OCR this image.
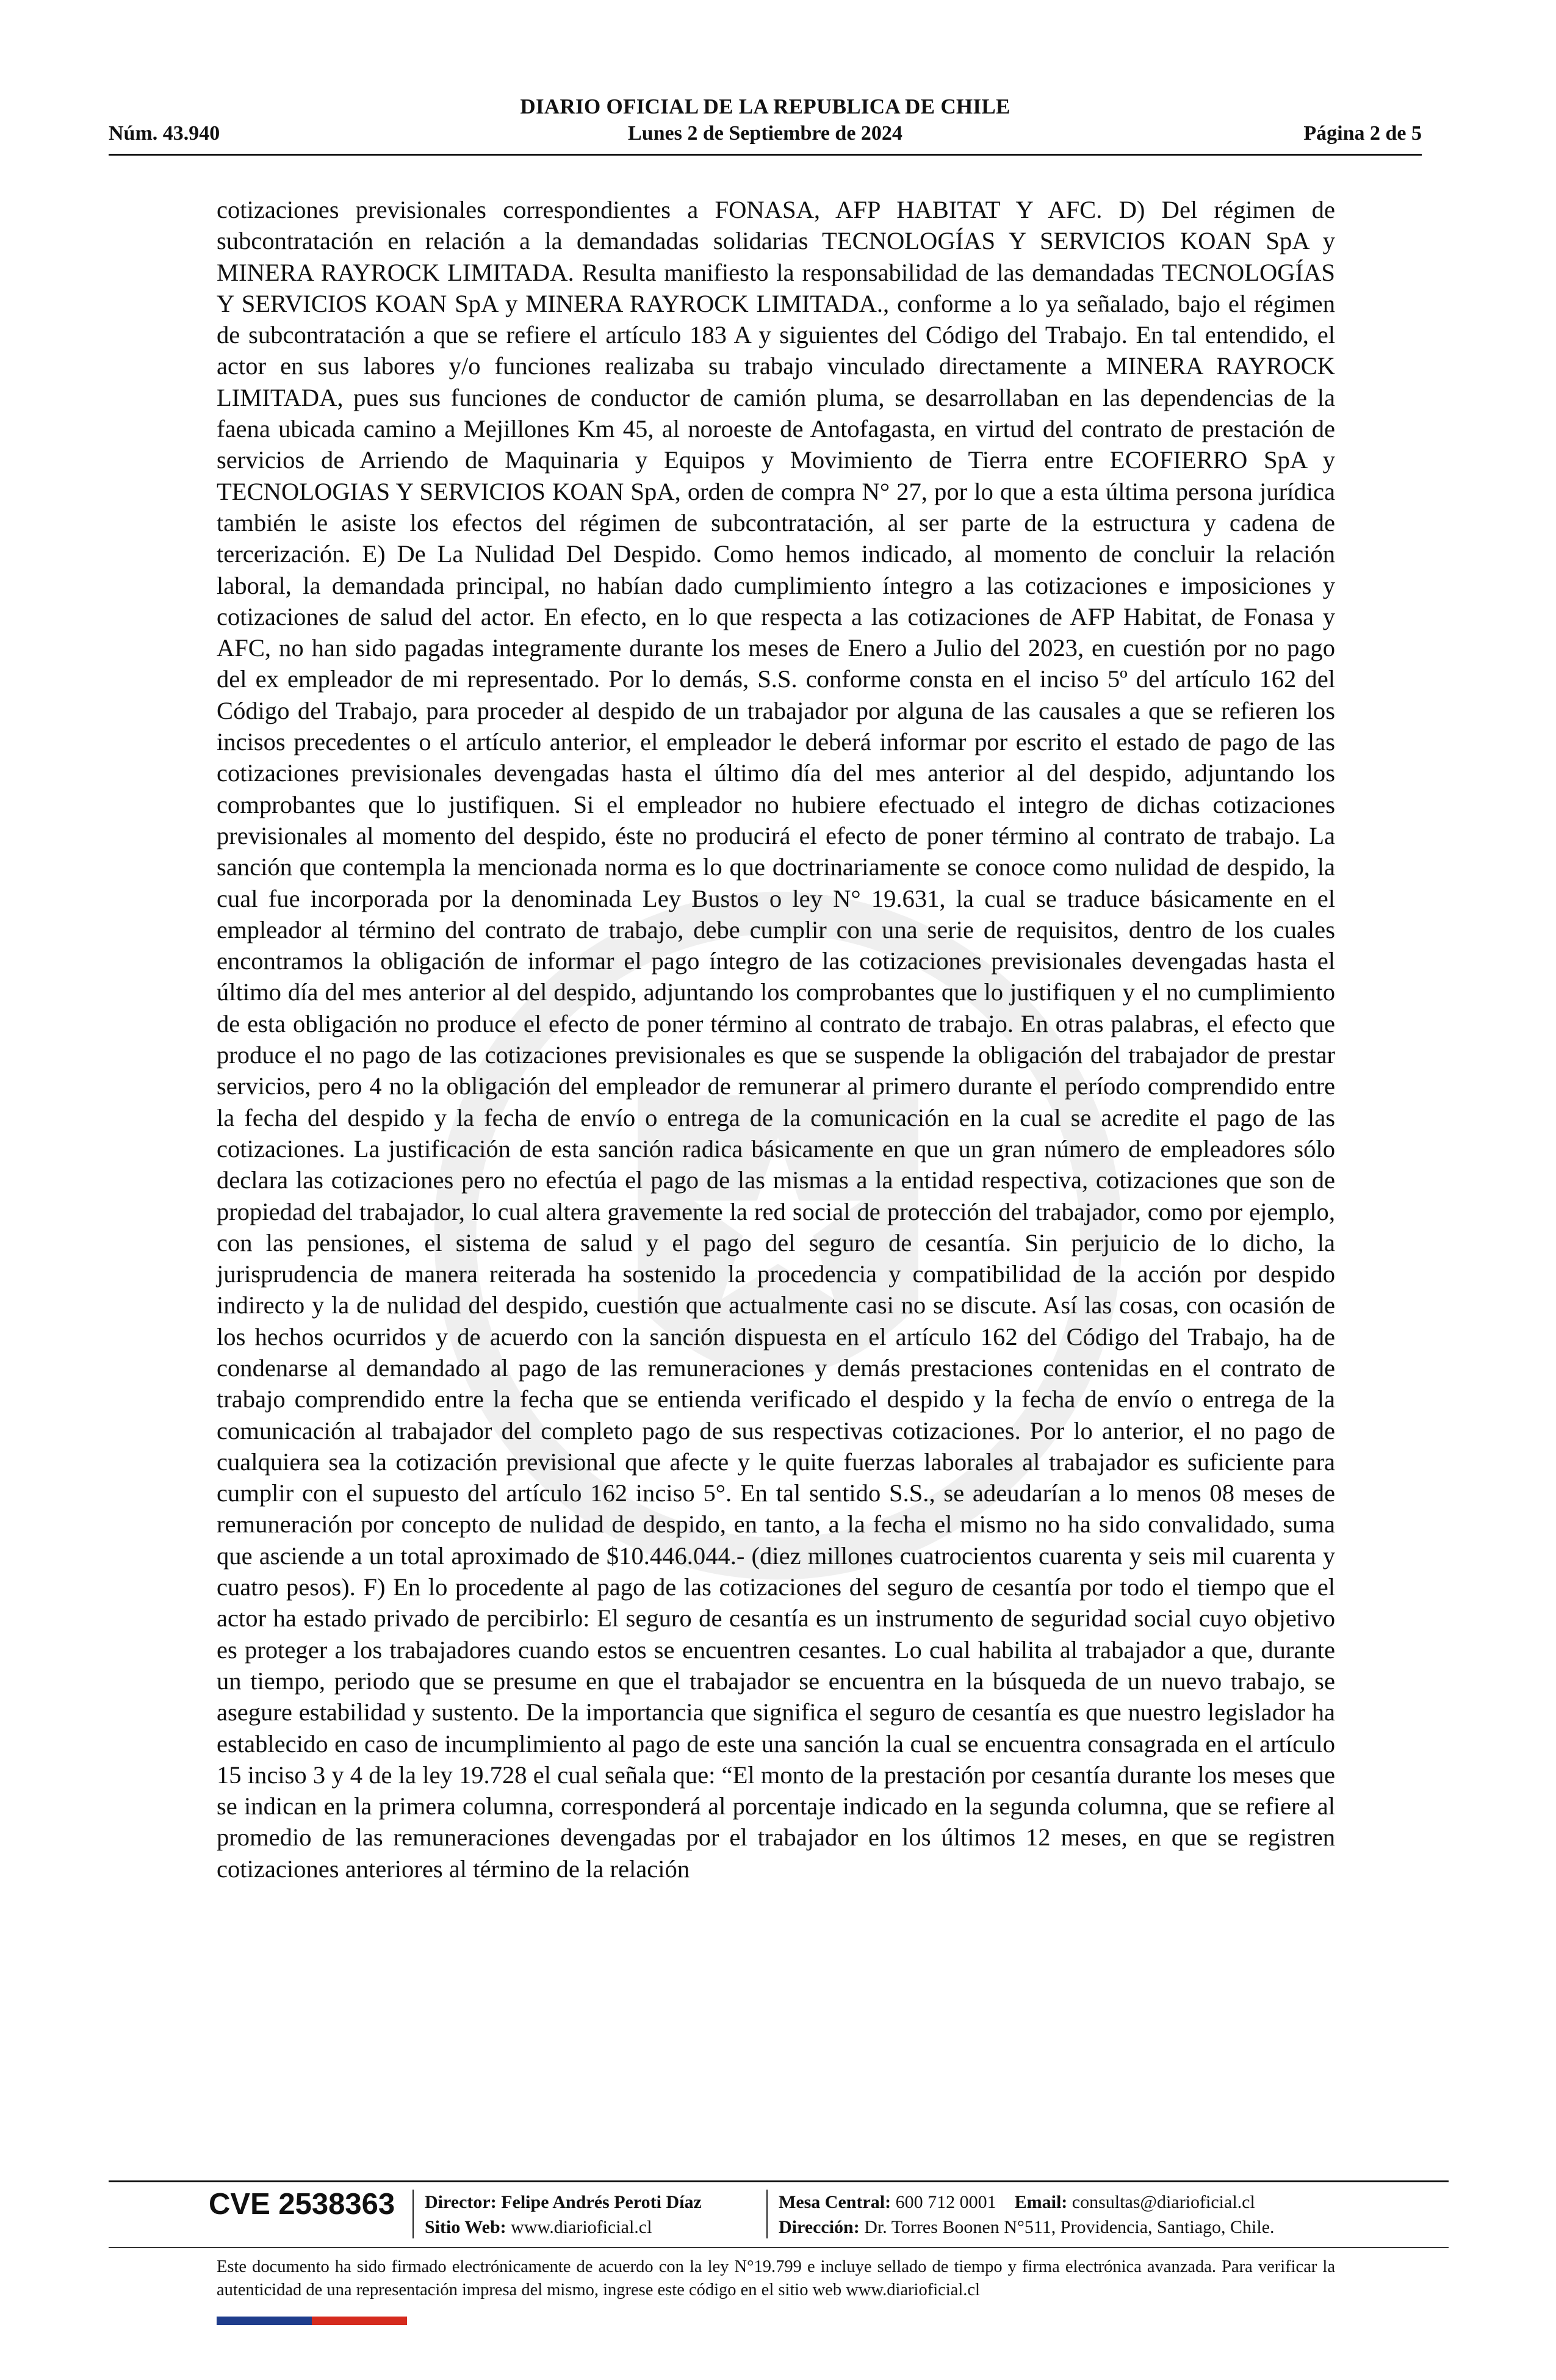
DIARIO OFICIAL DE LA REPUBLICA DE CHILE
Núm. 43.940	Lunes 2 de Septiembre de 2024	Página 2 de 5
cotizaciones previsionales correspondientes a FONASA, AFP HABITAT Y AFC. D) Del régimen de subcontratación en relación a la demandadas solidarias TECNOLOGÍAS Y SERVICIOS KOAN SpA y MINERA RAYROCK LIMITADA. Resulta manifiesto la responsabilidad de las demandadas TECNOLOGÍAS Y SERVICIOS KOAN SpA y MINERA RAYROCK LIMITADA., conforme a lo ya señalado, bajo el régimen de subcontratación a que se refiere el artículo 183 A y siguientes del Código del Trabajo. En tal entendido, el actor en sus labores y/o funciones realizaba su trabajo vinculado directamente a MINERA RAYROCK LIMITADA, pues sus funciones de conductor de camión pluma, se desarrollaban en las dependencias de la faena ubicada camino a Mejillones Km 45, al noroeste de Antofagasta, en virtud del contrato de prestación de servicios de Arriendo de Maquinaria y Equipos y Movimiento de Tierra entre ECOFIERRO SpA y TECNOLOGIAS Y SERVICIOS KOAN SpA, orden de compra N° 27, por lo que a esta última persona jurídica también le asiste los efectos del régimen de subcontratación, al ser parte de la estructura y cadena de tercerización. E) De La Nulidad Del Despido. Como hemos indicado, al momento de concluir la relación laboral, la demandada principal, no habían dado cumplimiento íntegro a las cotizaciones e imposiciones y cotizaciones de salud del actor. En efecto, en lo que respecta a las cotizaciones de AFP Habitat, de Fonasa y AFC, no han sido pagadas integramente durante los meses de Enero a Julio del 2023, en cuestión por no pago del ex empleador de mi representado. Por lo demás, S.S. conforme consta en el inciso 5º del artículo 162 del Código del Trabajo, para proceder al despido de un trabajador por alguna de las causales a que se refieren los incisos precedentes o el artículo anterior, el empleador le deberá informar por escrito el estado de pago de las cotizaciones previsionales devengadas hasta el último día del mes anterior al del despido, adjuntando los comprobantes que lo justifiquen. Si el empleador no hubiere efectuado el integro de dichas cotizaciones previsionales al momento del despido, éste no producirá el efecto de poner término al contrato de trabajo. La sanción que contempla la mencionada norma es lo que doctrinariamente se conoce como nulidad de despido, la cual fue incorporada por la denominada Ley Bustos o ley N° 19.631, la cual se traduce básicamente en el empleador al término del contrato de trabajo, debe cumplir con una serie de requisitos, dentro de los cuales encontramos la obligación de informar el pago íntegro de las cotizaciones previsionales devengadas hasta el último día del mes anterior al del despido, adjuntando los comprobantes que lo justifiquen y el no cumplimiento de esta obligación no produce el efecto de poner término al contrato de trabajo. En otras palabras, el efecto que produce el no pago de las cotizaciones previsionales es que se suspende la obligación del trabajador de prestar servicios, pero 4 no la obligación del empleador de remunerar al primero durante el período comprendido entre la fecha del despido y la fecha de envío o entrega de la comunicación en la cual se acredite el pago de las cotizaciones. La justificación de esta sanción radica básicamente en que un gran número de empleadores sólo declara las cotizaciones pero no efectúa el pago de las mismas a la entidad respectiva, cotizaciones que son de propiedad del trabajador, lo cual altera gravemente la red social de protección del trabajador, como por ejemplo, con las pensiones, el sistema de salud y el pago del seguro de cesantía. Sin perjuicio de lo dicho, la jurisprudencia de manera reiterada ha sostenido la procedencia y compatibilidad de la acción por despido indirecto y la de nulidad del despido, cuestión que actualmente casi no se discute. Así las cosas, con ocasión de los hechos ocurridos y de acuerdo con la sanción dispuesta en el artículo 162 del Código del Trabajo, ha de condenarse al demandado al pago de las remuneraciones y demás prestaciones contenidas en el contrato de trabajo comprendido entre la fecha que se entienda verificado el despido y la fecha de envío o entrega de la comunicación al trabajador del completo pago de sus respectivas cotizaciones. Por lo anterior, el no pago de cualquiera sea la cotización previsional que afecte y le quite fuerzas laborales al trabajador es suficiente para cumplir con el supuesto del artículo 162 inciso 5°. En tal sentido S.S., se adeudarían a lo menos 08 meses de remuneración por concepto de nulidad de despido, en tanto, a la fecha el mismo no ha sido convalidado, suma que asciende a un total aproximado de $10.446.044.- (diez millones cuatrocientos cuarenta y seis mil cuarenta y cuatro pesos). F) En lo procedente al pago de las cotizaciones del seguro de cesantía por todo el tiempo que el actor ha estado privado de percibirlo: El seguro de cesantía es un instrumento de seguridad social cuyo objetivo es proteger a los trabajadores cuando estos se encuentren cesantes. Lo cual habilita al trabajador a que, durante un tiempo, periodo que se presume en que el trabajador se encuentra en la búsqueda de un nuevo trabajo, se asegure estabilidad y sustento. De la importancia que significa el seguro de cesantía es que nuestro legislador ha establecido en caso de incumplimiento al pago de este una sanción la cual se encuentra consagrada en el artículo 15 inciso 3 y 4 de la ley 19.728 el cual señala que: “El monto de la prestación por cesantía durante los meses que se indican en la primera columna, corresponderá al porcentaje indicado en la segunda columna, que se refiere al promedio de las remuneraciones devengadas por el trabajador en los últimos 12 meses, en que se registren cotizaciones anteriores al término de la relación
CVE 2538363 Director: Felipe Andrés Peroti Díaz
Sitio Web: www.diarioficial.cl
Mesa Central: 600 712 0001 Email: consultas@diarioficial.cl
Dirección: Dr. Torres Boonen N°511, Providencia, Santiago, Chile.
Este documento ha sido firmado electrónicamente de acuerdo con la ley N°19.799 e incluye sellado de tiempo y firma electrónica avanzada. Para verificar la autenticidad de una representación impresa del mismo, ingrese este código en el sitio web www.diarioficial.cl
